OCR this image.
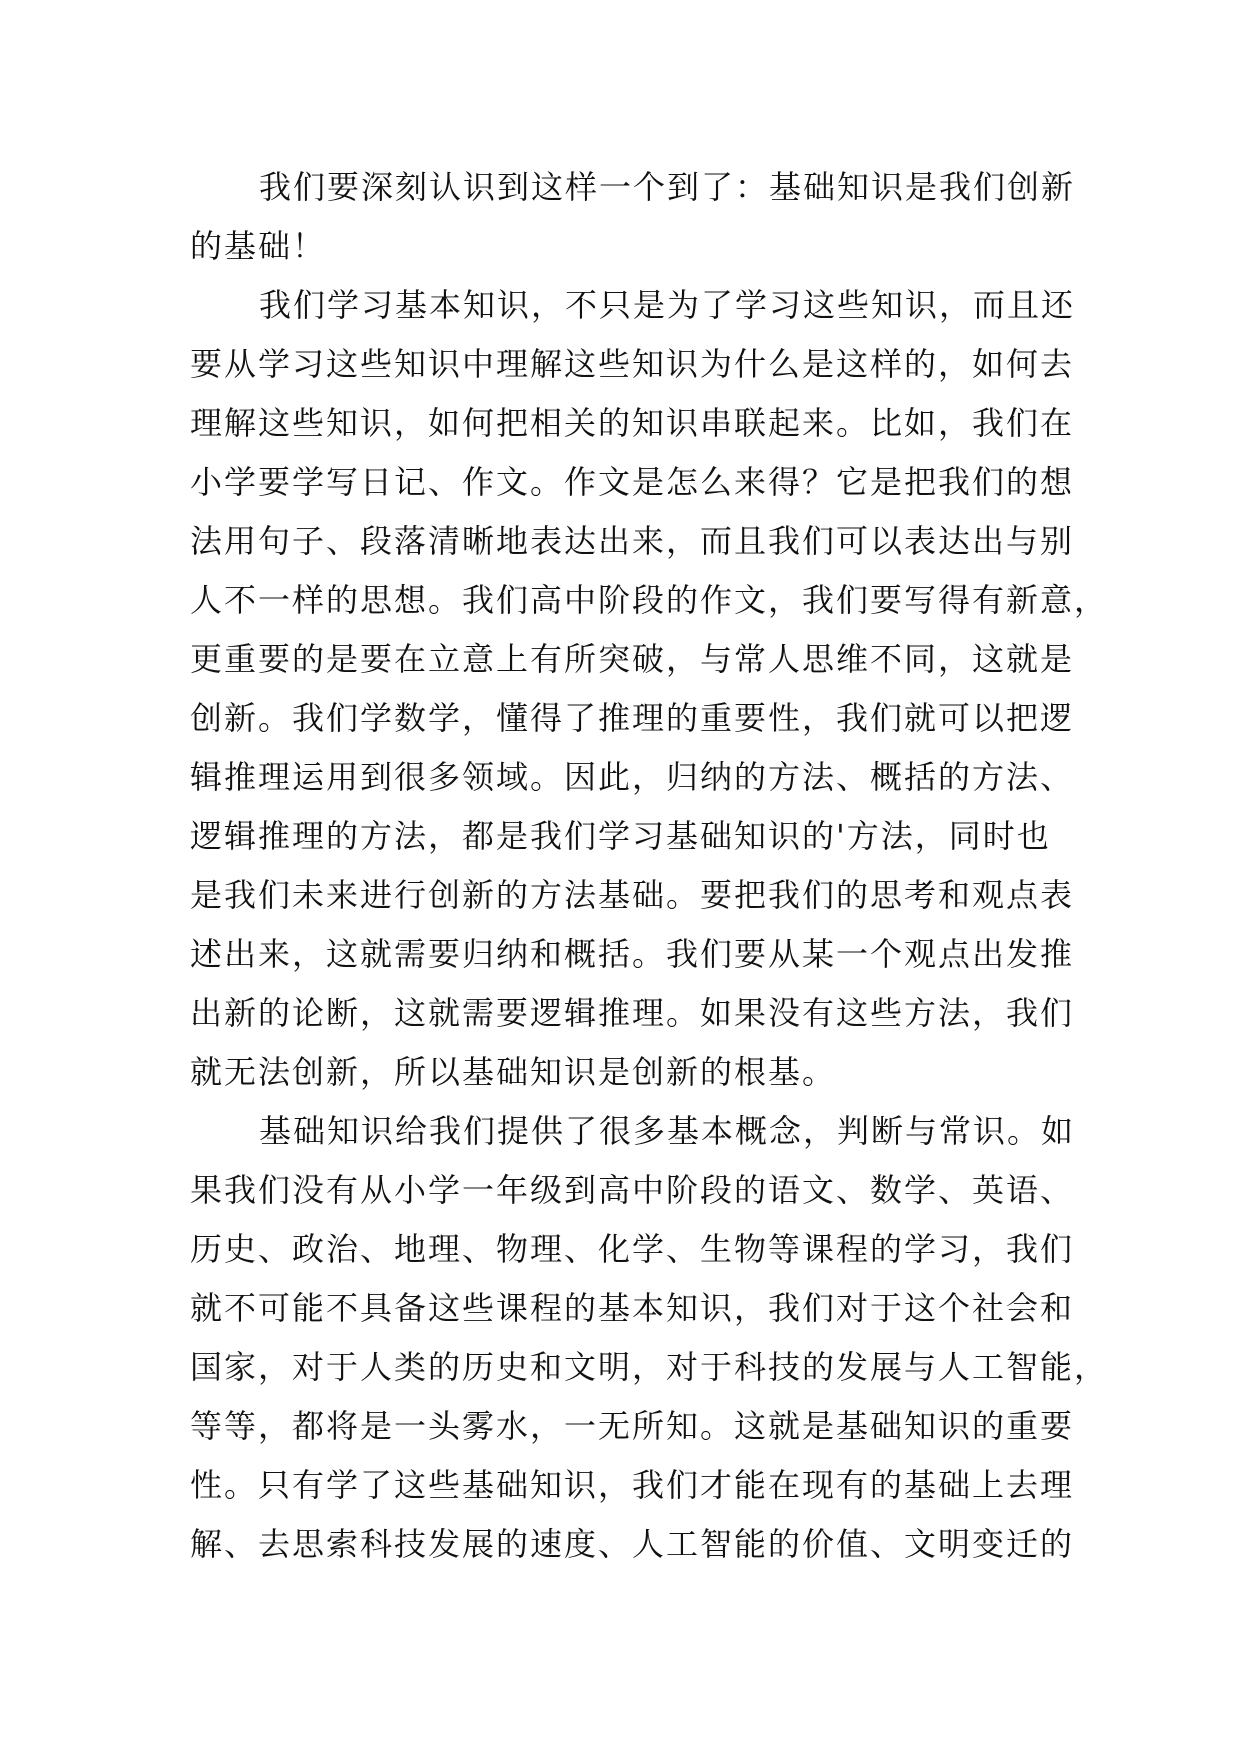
我们要深刻认识到这样一个到了：基础知识是我们创新
的基础！
我们学习基本知识，不只是为了学习这些知识，而且还
要从学习这些知识中理解这些知识为什么是这样的，如何去
理解这些知识，如何把相关的知识串联起来。比如，我们在
小学要学写日记、作文。作文是怎么来得？它是把我们的想
法用句子、段落清晰地表达出来，而且我们可以表达出与别
人不一样的思想。我们高中阶段的作文，我们要写得有新意，
更重要的是要在立意上有所突破，与常人思维不同，这就是
创新。我们学数学，懂得了推理的重要性，我们就可以把逻
辑推理运用到很多领域。因此，归纳的方法、概括的方法、
逻辑推理的方法，都是我们学习基础知识的'方法，同时也
是我们未来进行创新的方法基础。要把我们的思考和观点表
述出来，这就需要归纳和概括。我们要从某一个观点出发推
出新的论断，这就需要逻辑推理。如果没有这些方法，我们
就无法创新，所以基础知识是创新的根基。
基础知识给我们提供了很多基本概念，判断与常识。如
果我们没有从小学一年级到高中阶段的语文、数学、英语、
历史、政治、地理、物理、化学、生物等课程的学习，我们
就不可能不具备这些课程的基本知识，我们对于这个社会和
国家，对于人类的历史和文明，对于科技的发展与人工智能，
等等，都将是一头雾水，一无所知。这就是基础知识的重要
性。只有学了这些基础知识，我们才能在现有的基础上去理
解、去思索科技发展的速度、人工智能的价值、文明变迁的
